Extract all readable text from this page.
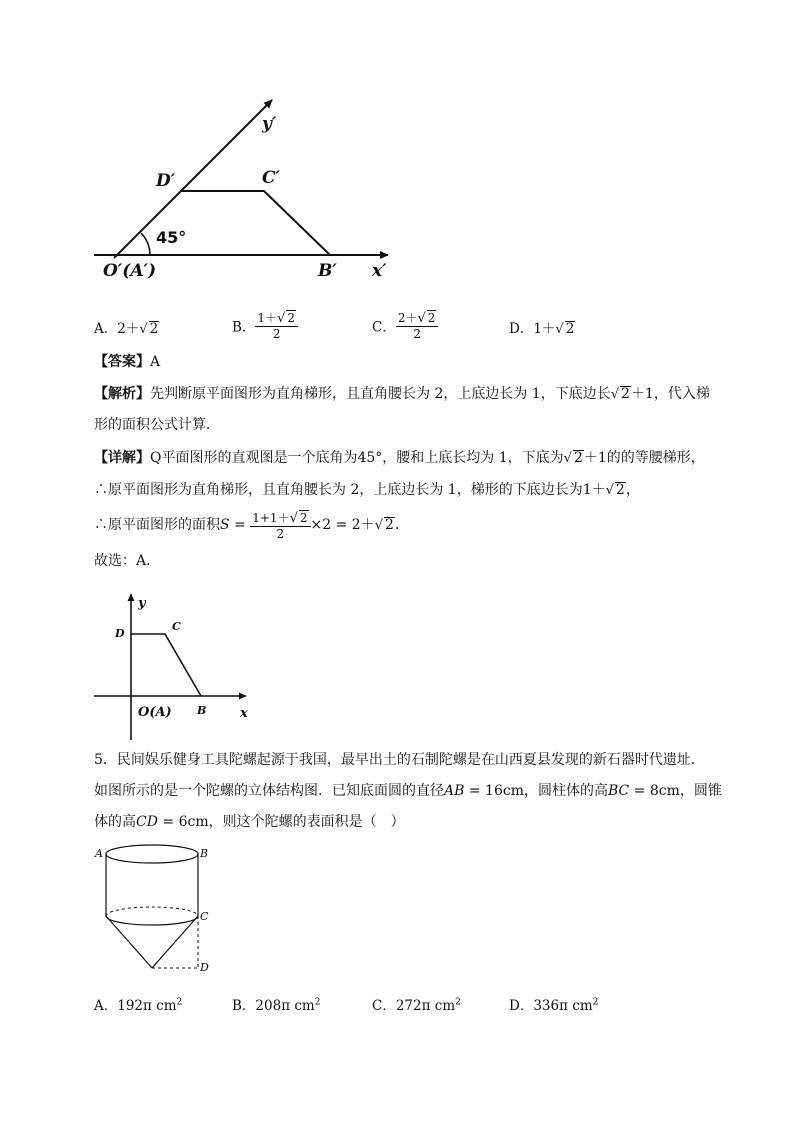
y′
x′
D′	C′
B′
O′(A′)
45°
A．2＋√ 2	B． $\frac{1+√ 2}{2}$	C． $\frac{2+√ 2}{2}$	D．1＋√ 2
【答案】A
【解析】先判断原平面图形为直角梯形，且直角腰长为 2，上底边长为 1，下底边长√ 2＋1，代入梯
形的面积公式计算．
【详解】Q平面图形的直观图是一个底角为45°，腰和上底长均为 1，下底为√ 2＋1的的等腰梯形，
∴原平面图形为直角梯形，且直角腰长为 2，上底边长为 1，梯形的下底边长为1＋√ 2，
∴原平面图形的面积$S = \frac{1+1+√ 2}{2} \times 2 = 2+√$ 2．
故选：A．
y
x
D
C
B
O(A)
5．民间娱乐健身工具陀螺起源于我国，最早出土的石制陀螺是在山西夏县发现的新石器时代遗址．
如图所示的是一个陀螺的立体结构图．已知底面圆的直径AB = 16cm，圆柱体的高BC = 8cm，圆锥
体的高CD = 6cm，则这个陀螺的表面积是（　）
A	B
C
D
A．192π $cm^2$	B．208π $cm^2$	C．272π $cm^2$	D．336π $cm^2$
